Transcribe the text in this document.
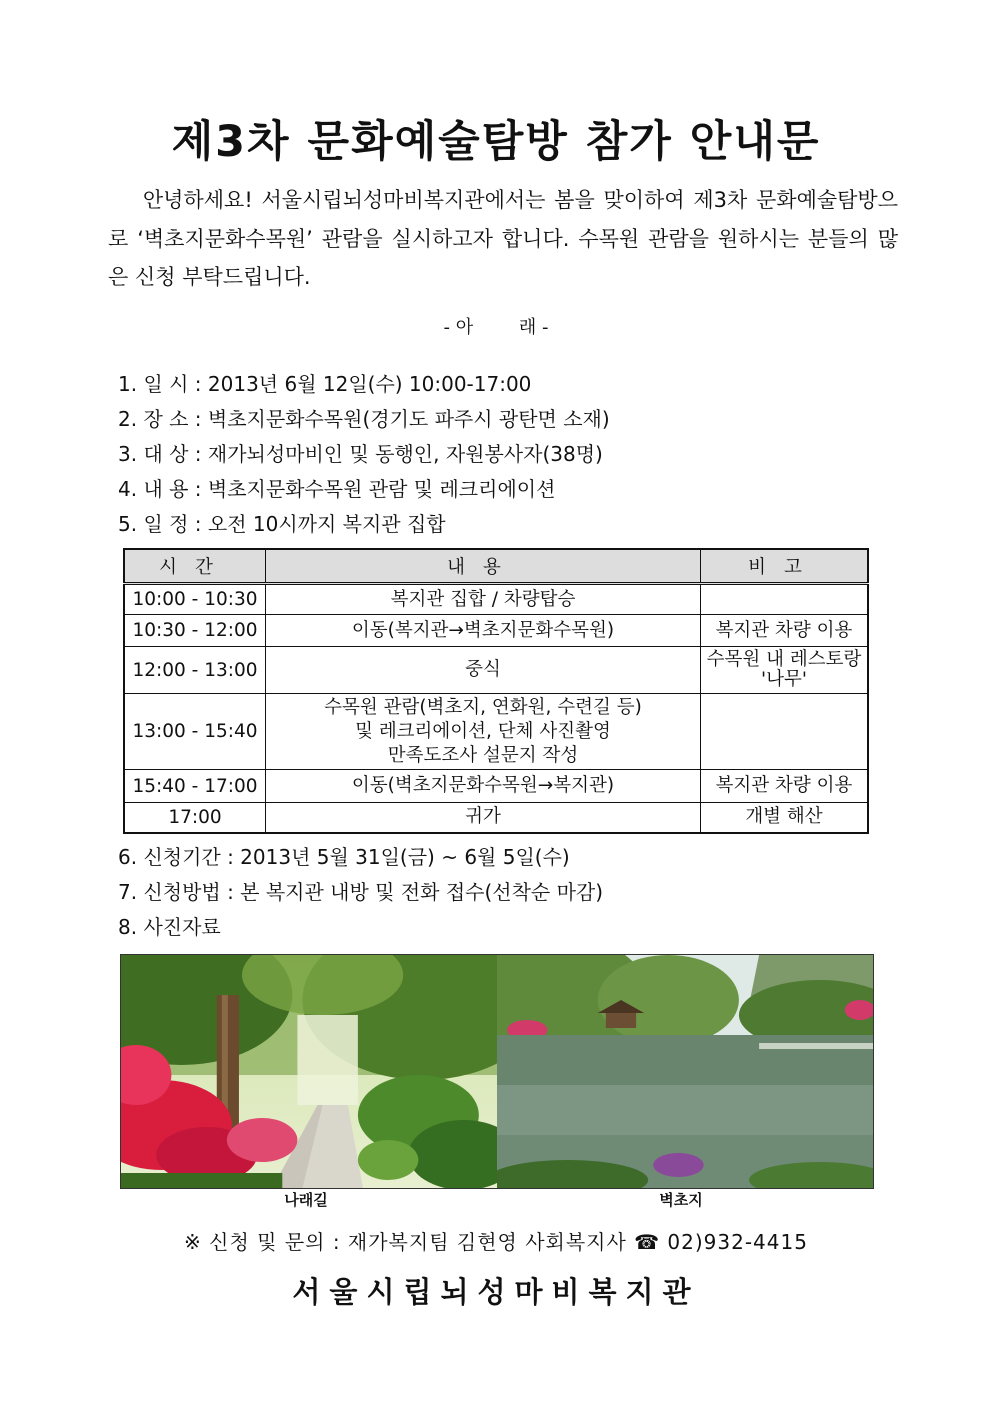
제3차 문화예술탐방 참가 안내문

안녕하세요! 서울시립뇌성마비복지관에서는 봄을 맞이하여 제3차 문화예술탐방으로 ‘벽초지문화수목원’ 관람을 실시하고자 합니다. 수목원 관람을 원하시는 분들의 많은 신청 부탁드립니다.

- 아        래 -
1. 일 시 : 2013년 6월 12일(수) 10:00-17:00
2. 장 소 : 벽초지문화수목원(경기도 파주시 광탄면 소재)
3. 대 상 : 재가뇌성마비인 및 동행인, 자원봉사자(38명)
4. 내 용 : 벽초지문화수목원 관람 및 레크리에이션
5. 일 정 : 오전 10시까지 복지관 집합
시간	내용	비고
10:00 - 10:30	복지관 집합 / 차량탑승	

10:30 - 12:00	이동(복지관→벽초지문화수목원)	복지관 차량 이용

12:00 - 13:00	중식	수목원 내 레스토랑
'나무'

13:00 - 15:40	수목원 관람(벽초지, 연화원, 수련길 등)
및 레크리에이션, 단체 사진촬영
만족도조사 설문지 작성	

15:40 - 17:00	이동(벽초지문화수목원→복지관)	복지관 차량 이용

17:00	귀가	개별 해산
6. 신청기간 : 2013년 5월 31일(금) ~ 6월 5일(수)
7. 신청방법 : 본 복지관 내방 및 전화 접수(선착순 마감)
8. 사진자료
나래길	벽초지
※ 신청 및 문의 : 재가복지팀 김현영 사회복지사 ☎ 02)932-4415
서울시립뇌성마비복지관
